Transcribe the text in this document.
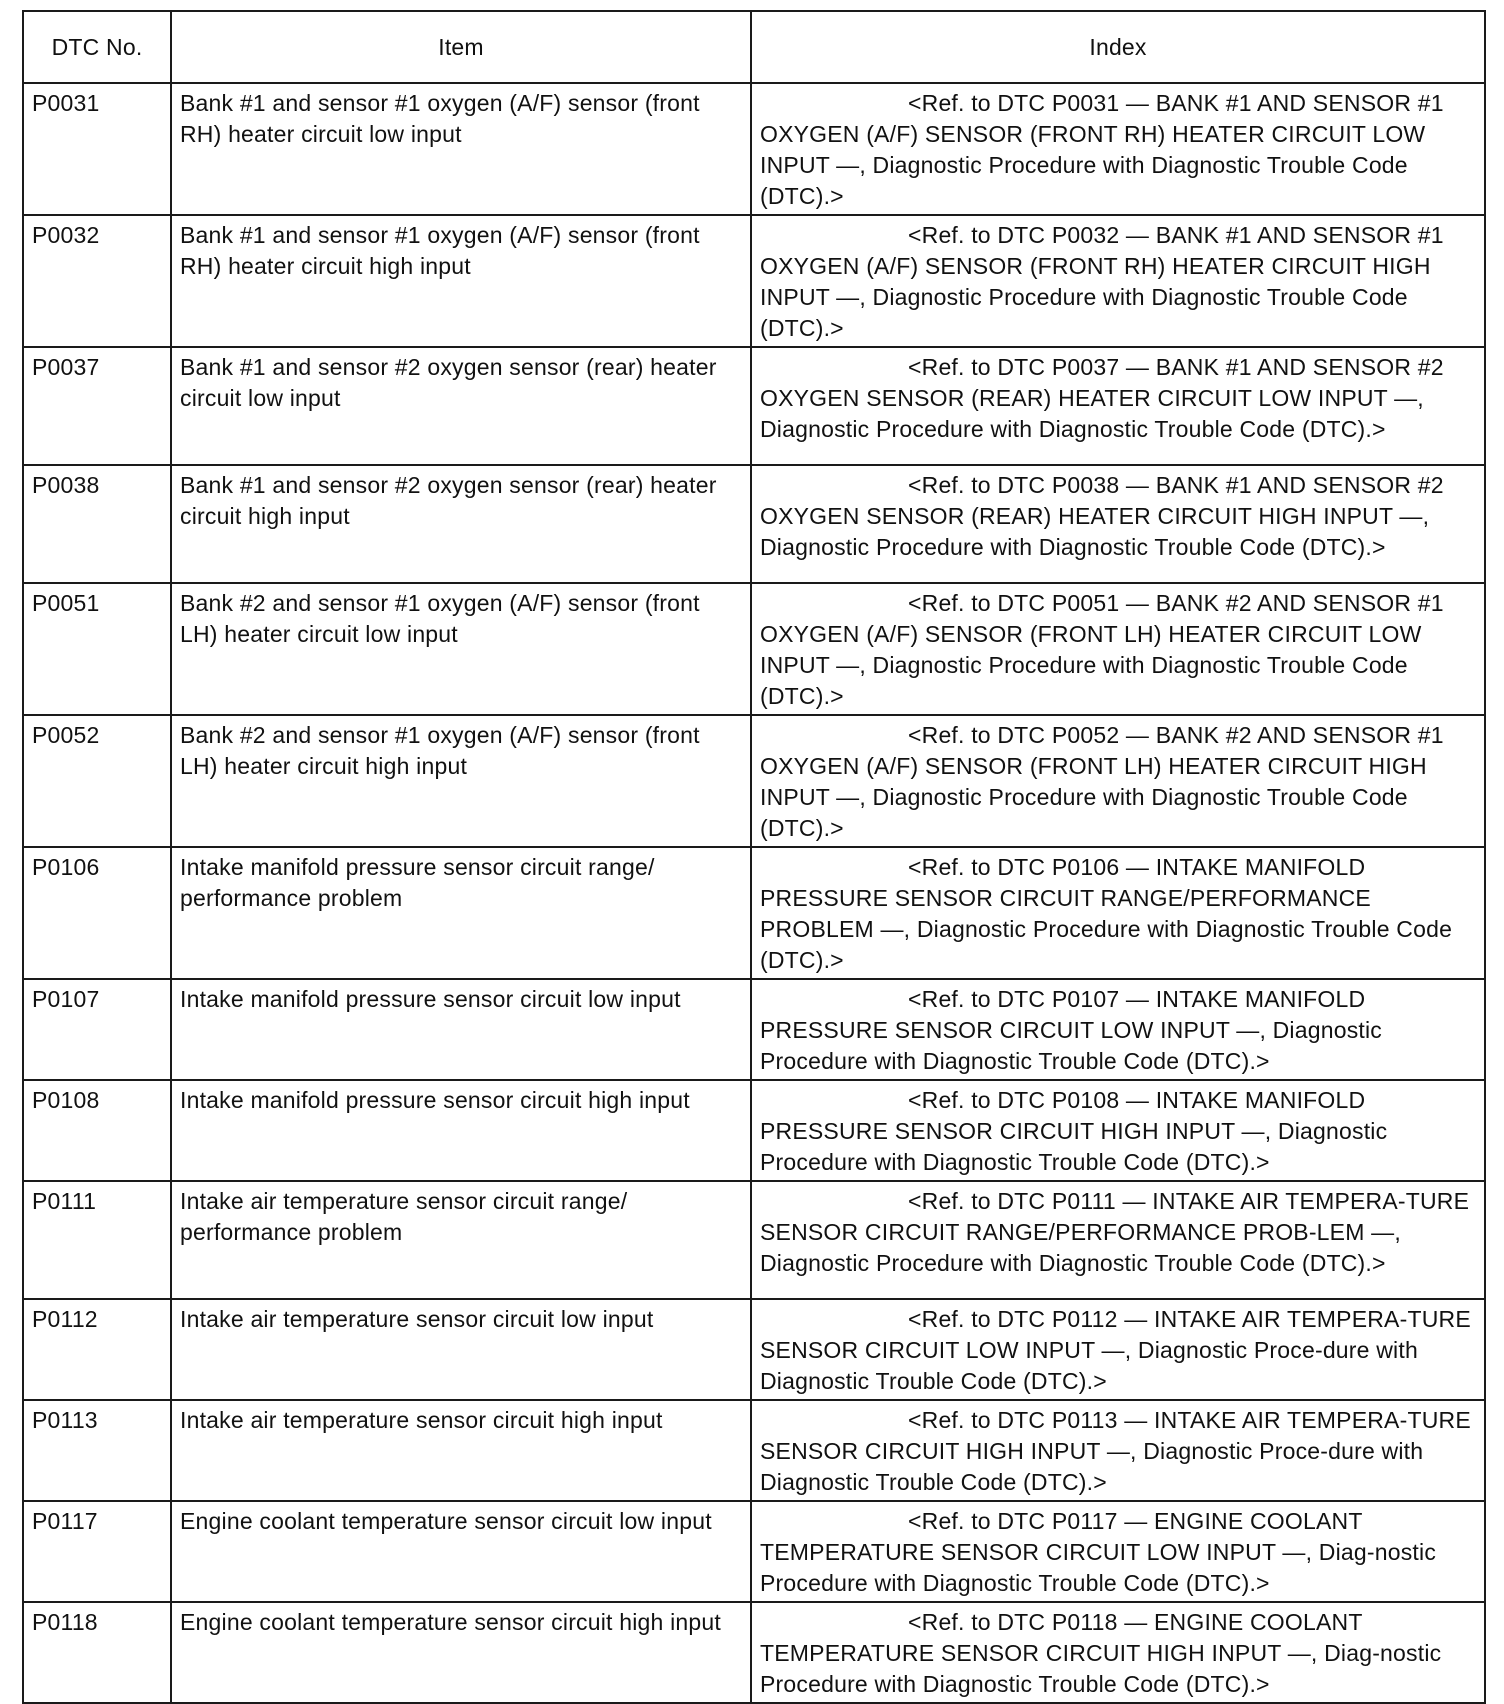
DTC No.	Item	Index
P0031	Bank #1 and sensor #1 oxygen (A/F) sensor (front RH) heater circuit low input	<Ref. to DTC P0031 — BANK #1 AND SENSOR #1 OXYGEN (A/F) SENSOR (FRONT RH) HEATER CIRCUIT LOW INPUT —, Diagnostic Procedure with Diagnostic Trouble Code (DTC).>
P0032	Bank #1 and sensor #1 oxygen (A/F) sensor (front RH) heater circuit high input	<Ref. to DTC P0032 — BANK #1 AND SENSOR #1 OXYGEN (A/F) SENSOR (FRONT RH) HEATER CIRCUIT HIGH INPUT —, Diagnostic Procedure with Diagnostic Trouble Code (DTC).>
P0037	Bank #1 and sensor #2 oxygen sensor (rear) heater circuit low input	<Ref. to DTC P0037 — BANK #1 AND SENSOR #2 OXYGEN SENSOR (REAR) HEATER CIRCUIT LOW INPUT —, Diagnostic Procedure with Diagnostic Trouble Code (DTC).>
P0038	Bank #1 and sensor #2 oxygen sensor (rear) heater circuit high input	<Ref. to DTC P0038 — BANK #1 AND SENSOR #2 OXYGEN SENSOR (REAR) HEATER CIRCUIT HIGH INPUT —, Diagnostic Procedure with Diagnostic Trouble Code (DTC).>
P0051	Bank #2 and sensor #1 oxygen (A/F) sensor (front LH) heater circuit low input	<Ref. to DTC P0051 — BANK #2 AND SENSOR #1 OXYGEN (A/F) SENSOR (FRONT LH) HEATER CIRCUIT LOW INPUT —, Diagnostic Procedure with Diagnostic Trouble Code (DTC).>
P0052	Bank #2 and sensor #1 oxygen (A/F) sensor (front LH) heater circuit high input	<Ref. to DTC P0052 — BANK #2 AND SENSOR #1 OXYGEN (A/F) SENSOR (FRONT LH) HEATER CIRCUIT HIGH INPUT —, Diagnostic Procedure with Diagnostic Trouble Code (DTC).>
P0106	Intake manifold pressure sensor circuit range/ performance problem	<Ref. to DTC P0106 — INTAKE MANIFOLD PRESSURE SENSOR CIRCUIT RANGE/PERFORMANCE PROBLEM —, Diagnostic Procedure with Diagnostic Trouble Code (DTC).>
P0107	Intake manifold pressure sensor circuit low input	<Ref. to DTC P0107 — INTAKE MANIFOLD PRESSURE SENSOR CIRCUIT LOW INPUT —, Diagnostic Procedure with Diagnostic Trouble Code (DTC).>
P0108	Intake manifold pressure sensor circuit high input	<Ref. to DTC P0108 — INTAKE MANIFOLD PRESSURE SENSOR CIRCUIT HIGH INPUT —, Diagnostic Procedure with Diagnostic Trouble Code (DTC).>
P0111	Intake air temperature sensor circuit range/ performance problem	<Ref. to DTC P0111 — INTAKE AIR TEMPERA-TURE SENSOR CIRCUIT RANGE/PERFORMANCE PROB-LEM —, Diagnostic Procedure with Diagnostic Trouble Code (DTC).>
P0112	Intake air temperature sensor circuit low input	<Ref. to DTC P0112 — INTAKE AIR TEMPERA-TURE SENSOR CIRCUIT LOW INPUT —, Diagnostic Proce-dure with Diagnostic Trouble Code (DTC).>
P0113	Intake air temperature sensor circuit high input	<Ref. to DTC P0113 — INTAKE AIR TEMPERA-TURE SENSOR CIRCUIT HIGH INPUT —, Diagnostic Proce-dure with Diagnostic Trouble Code (DTC).>
P0117	Engine coolant temperature sensor circuit low input	<Ref. to DTC P0117 — ENGINE COOLANT TEMPERATURE SENSOR CIRCUIT LOW INPUT —, Diag-nostic Procedure with Diagnostic Trouble Code (DTC).>
P0118	Engine coolant temperature sensor circuit high input	<Ref. to DTC P0118 — ENGINE COOLANT TEMPERATURE SENSOR CIRCUIT HIGH INPUT —, Diag-nostic Procedure with Diagnostic Trouble Code (DTC).>
